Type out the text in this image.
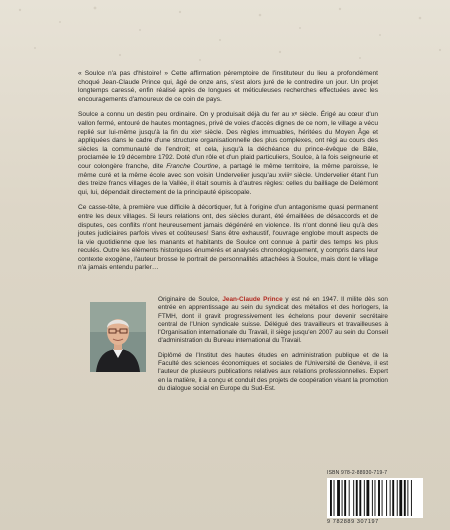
« Soulce n'a pas d'histoire! » Cette affirmation péremptoire de l'instituteur du lieu a profondément choqué Jean-Claude Prince qui, âgé de onze ans, s'est alors juré de le contredire un jour. Un projet longtemps caressé, enfin réalisé après de longues et méticuleuses recherches effectuées avec les encouragements d'amoureux de ce coin de pays.

Soulce a connu un destin peu ordinaire. On y produisait déjà du fer au xᵉ siècle. Érigé au cœur d'un vallon fermé, entouré de hautes montagnes, privé de voies d'accès dignes de ce nom, le village a vécu replié sur lui-même jusqu'à la fin du xixᵉ siècle. Des règles immuables, héritées du Moyen Âge et appliquées dans le cadre d'une structure organisationnelle des plus complexes, ont régi au cours des siècles la communauté de l'endroit; et cela, jusqu'à la déchéance du prince-évêque de Bâle, proclamée le 19 décembre 1792. Doté d'un rôle et d'un plaid particuliers, Soulce, à la fois seigneurie et cour colongère franche, dite Franche Courtine, a partagé le même territoire, la même paroisse, le même curé et la même école avec son voisin Undervelier jusqu'au xviiiᵉ siècle. Undervelier étant l'un des treize francs villages de la Vallée, il était soumis à d'autres règles: celles du bailliage de Delémont qui, lui, dépendait directement de la principauté épiscopale.

Ce casse-tête, à première vue difficile à décortiquer, fut à l'origine d'un antagonisme quasi permanent entre les deux villages. Si leurs relations ont, des siècles durant, été émaillées de désaccords et de disputes, ces conflits n'ont heureusement jamais dégénéré en violence. Ils n'ont donné lieu qu'à des joutes judiciaires parfois vives et coûteuses! Sans être exhaustif, l'ouvrage englobe moult aspects de la vie quotidienne que les manants et habitants de Soulce ont connue à partir des temps les plus reculés. Outre les éléments historiques énumérés et analysés chronologiquement, y compris dans leur contexte exogène, l'auteur brosse le portrait de personnalités attachées à Soulce, mais dont le village n'a jamais entendu parler…

Originaire de Soulce, Jean-Claude Prince y est né en 1947. Il milite dès son entrée en apprentissage au sein du syndicat des métallos et des horlogers, la FTMH, dont il gravit progressivement les échelons pour devenir secrétaire central de l'Union syndicale suisse. Délégué des travailleurs et travailleuses à l'Organisation internationale du Travail, il siège jusqu'en 2007 au sein du Conseil d'administration du Bureau international du Travail.

Diplômé de l'Institut des hautes études en administration publique et de la Faculté des sciences économiques et sociales de l'Université de Genève, il est l'auteur de plusieurs publications relatives aux relations professionnelles. Expert en la matière, il a conçu et conduit des projets de coopération visant la promotion du dialogue social en Europe du Sud-Est.

ISBN 978-2-88930-719-7
9 782889 307197
